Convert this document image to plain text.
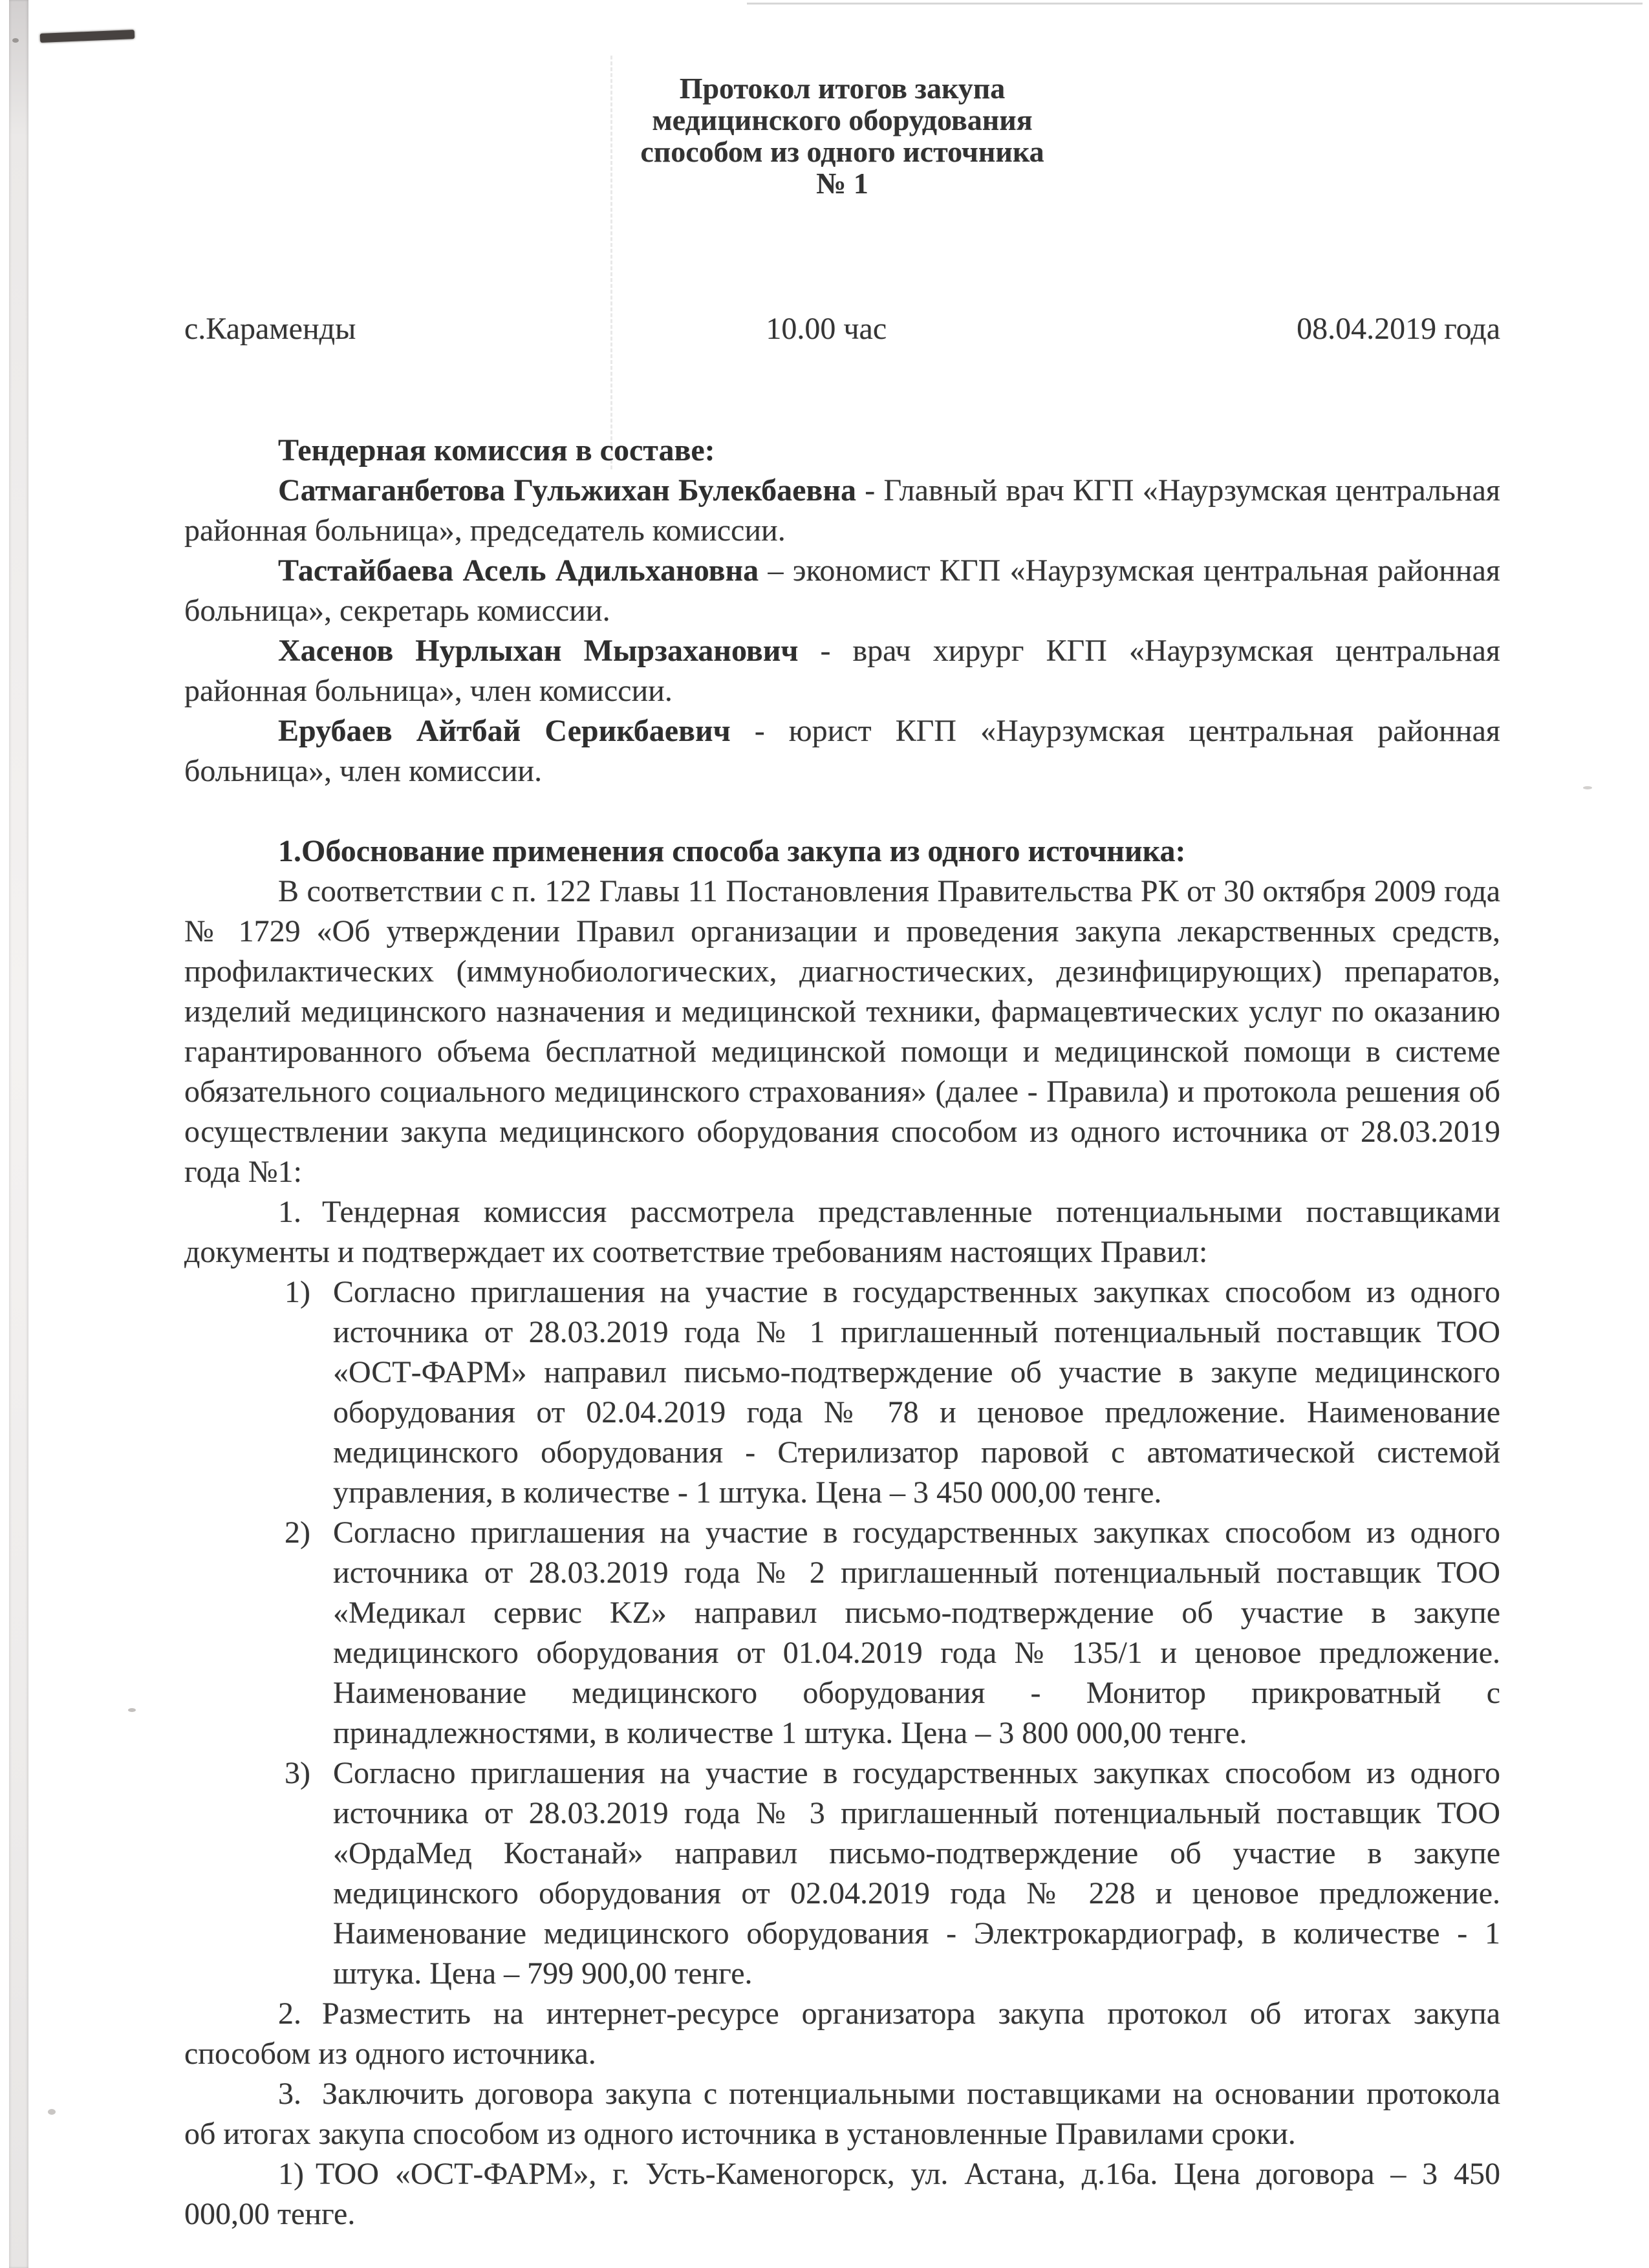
Протокол итогов закупа
медицинского оборудования
способом из одного источника
№ 1
с.Караменды	10.00 час	08.04.2019 года

Тендерная комиссия в составе:

Сатмаганбетова Гульжихан Булекбаевна - Главный врач КГП «Наурзумская центральная районная больница», председатель комиссии.

Тастайбаева Асель Адильхановна – экономист КГП «Наурзумская центральная районная больница», секретарь комиссии.

Хасенов Нурлыхан Мырзаханович - врач хирург КГП «Наурзумская центральная районная больница», член комиссии.

Ерубаев Айтбай Серикбаевич - юрист КГП «Наурзумская центральная районная больница», член комиссии.

1.Обоснование применения способа закупа из одного источника:

В соответствии с п. 122 Главы 11 Постановления Правительства РК от 30 октября 2009 года № 1729 «Об утверждении Правил организации и проведения закупа лекарственных средств, профилактических (иммунобиологических, диагностических, дезинфицирующих) препаратов, изделий медицинского назначения и медицинской техники, фармацевтических услуг по оказанию гарантированного объема бесплатной медицинской помощи и медицинской помощи в системе обязательного социального медицинского страхования» (далее - Правила) и протокола решения об осуществлении закупа медицинского оборудования способом из одного источника от 28.03.2019 года №1:

1. Тендерная комиссия рассмотрела представленные потенциальными поставщиками документы и подтверждает их соответствие требованиям настоящих Правил:

1) Согласно приглашения на участие в государственных закупках способом из одного источника от 28.03.2019 года № 1 приглашенный потенциальный поставщик ТОО «ОСТ-ФАРМ» направил письмо-подтверждение об участие в закупе медицинского оборудования от 02.04.2019 года № 78 и ценовое предложение. Наименование медицинского оборудования - Стерилизатор паровой с автоматической системой управления, в количестве - 1 штука. Цена – 3 450 000,00 тенге.

2) Согласно приглашения на участие в государственных закупках способом из одного источника от 28.03.2019 года № 2 приглашенный потенциальный поставщик ТОО «Медикал сервис KZ» направил письмо-подтверждение об участие в закупе медицинского оборудования от 01.04.2019 года № 135/1 и ценовое предложение. Наименование медицинского оборудования - Монитор прикроватный с принадлежностями, в количестве 1 штука. Цена – 3 800 000,00 тенге.

3) Согласно приглашения на участие в государственных закупках способом из одного источника от 28.03.2019 года № 3 приглашенный потенциальный поставщик ТОО «ОрдаМед Костанай» направил письмо-подтверждение об участие в закупе медицинского оборудования от 02.04.2019 года № 228 и ценовое предложение. Наименование медицинского оборудования - Электрокардиограф, в количестве - 1 штука. Цена – 799 900,00 тенге.

2. Разместить на интернет-ресурсе организатора закупа протокол об итогах закупа способом из одного источника.

3. Заключить договора закупа с потенциальными поставщиками на основании протокола об итогах закупа способом из одного источника в установленные Правилами сроки.

1) ТОО «ОСТ-ФАРМ», г. Усть-Каменогорск, ул. Астана, д.16а. Цена договора – 3 450 000,00 тенге.
